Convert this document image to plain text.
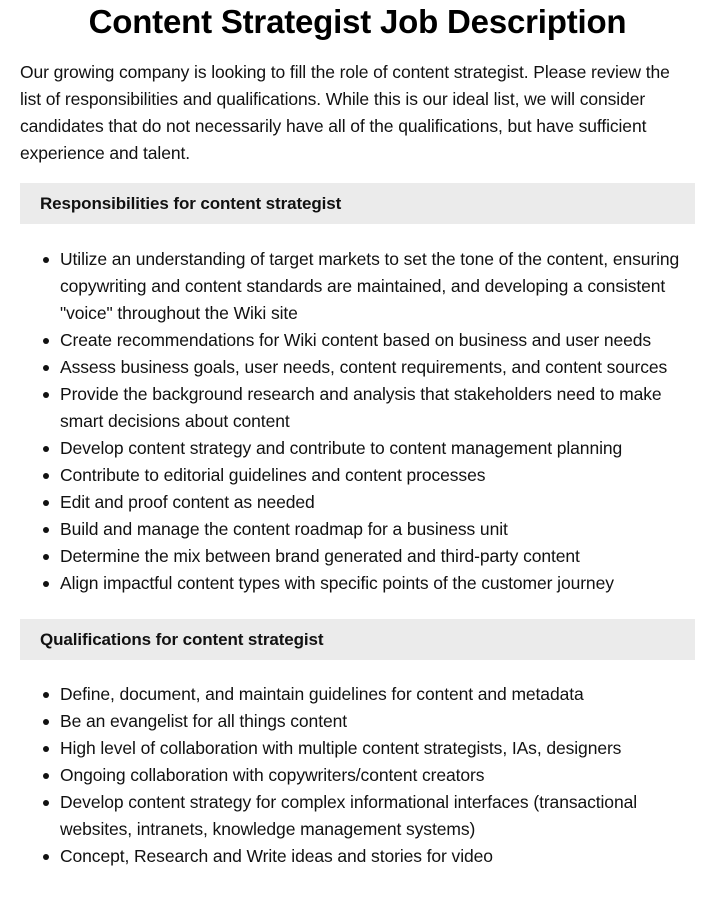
Content Strategist Job Description

Our growing company is looking to fill the role of content strategist. Please review the list of responsibilities and qualifications. While this is our ideal list, we will consider candidates that do not necessarily have all of the qualifications, but have sufficient experience and talent.

Responsibilities for content strategist
Utilize an understanding of target markets to set the tone of the content, ensuring copywriting and content standards are maintained, and developing a consistent "voice" throughout the Wiki site
Create recommendations for Wiki content based on business and user needs
Assess business goals, user needs, content requirements, and content sources
Provide the background research and analysis that stakeholders need to make smart decisions about content
Develop content strategy and contribute to content management planning
Contribute to editorial guidelines and content processes
Edit and proof content as needed
Build and manage the content roadmap for a business unit
Determine the mix between brand generated and third-party content
Align impactful content types with specific points of the customer journey
Qualifications for content strategist
Define, document, and maintain guidelines for content and metadata
Be an evangelist for all things content
High level of collaboration with multiple content strategists, IAs, designers
Ongoing collaboration with copywriters/content creators
Develop content strategy for complex informational interfaces (transactional websites, intranets, knowledge management systems)
Concept, Research and Write ideas and stories for video
